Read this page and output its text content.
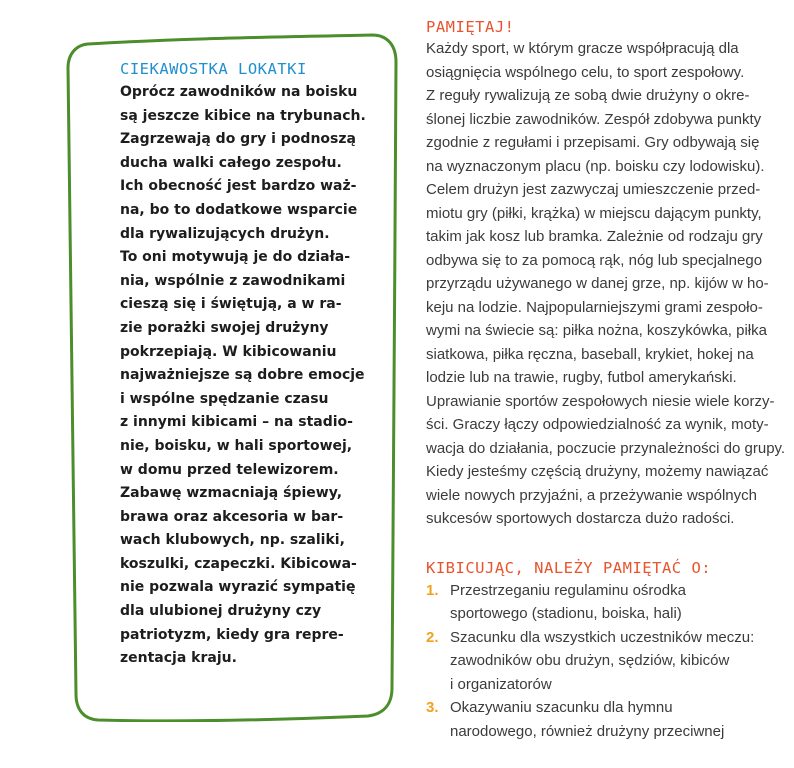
CIEKAWOSTKA LOKATKI
Oprócz zawodników na boisku
są jeszcze kibice na trybunach.
Zagrzewają do gry i podnoszą
ducha walki całego zespołu.
Ich obecność jest bardzo waż-
na, bo to dodatkowe wsparcie
dla rywalizujących drużyn.
To oni motywują je do działa-
nia, wspólnie z zawodnikami
cieszą się i świętują, a w ra-
zie porażki swojej drużyny
pokrzepiają. W kibicowaniu
najważniejsze są dobre emocje
i wspólne spędzanie czasu
z innymi kibicami – na stadio-
nie, boisku, w hali sportowej,
w domu przed telewizorem.
Zabawę wzmacniają śpiewy,
brawa oraz akcesoria w bar-
wach klubowych, np. szaliki,
koszulki, czapeczki. Kibicowa-
nie pozwala wyrazić sympatię
dla ulubionej drużyny czy
patriotyzm, kiedy gra repre-
zentacja kraju.
PAMIĘTAJ!
Każdy sport, w którym gracze współpracują dla
osiągnięcia wspólnego celu, to sport zespołowy.
Z reguły rywalizują ze sobą dwie drużyny o okre-
ślonej liczbie zawodników. Zespół zdobywa punkty
zgodnie z regułami i przepisami. Gry odbywają się
na wyznaczonym placu (np. boisku czy lodowisku).
Celem drużyn jest zazwyczaj umieszczenie przed-
miotu gry (piłki, krążka) w miejscu dającym punkty,
takim jak kosz lub bramka. Zależnie od rodzaju gry
odbywa się to za pomocą rąk, nóg lub specjalnego
przyrządu używanego w danej grze, np. kijów w ho-
keju na lodzie. Najpopularniejszymi grami zespoło-
wymi na świecie są: piłka nożna, koszykówka, piłka
siatkowa, piłka ręczna, baseball, krykiet, hokej na
lodzie lub na trawie, rugby, futbol amerykański.
Uprawianie sportów zespołowych niesie wiele korzy-
ści. Graczy łączy odpowiedzialność za wynik, moty-
wacja do działania, poczucie przynależności do grupy.
Kiedy jesteśmy częścią drużyny, możemy nawiązać
wiele nowych przyjaźni, a przeżywanie wspólnych
sukcesów sportowych dostarcza dużo radości.
KIBICUJĄC, NALEŻY PAMIĘTAĆ O:
1. Przestrzeganiu regulaminu ośrodka
sportowego (stadionu, boiska, hali)
2. Szacunku dla wszystkich uczestników meczu:
zawodników obu drużyn, sędziów, kibiców
i organizatorów
3. Okazywaniu szacunku dla hymnu
narodowego, również drużyny przeciwnej
